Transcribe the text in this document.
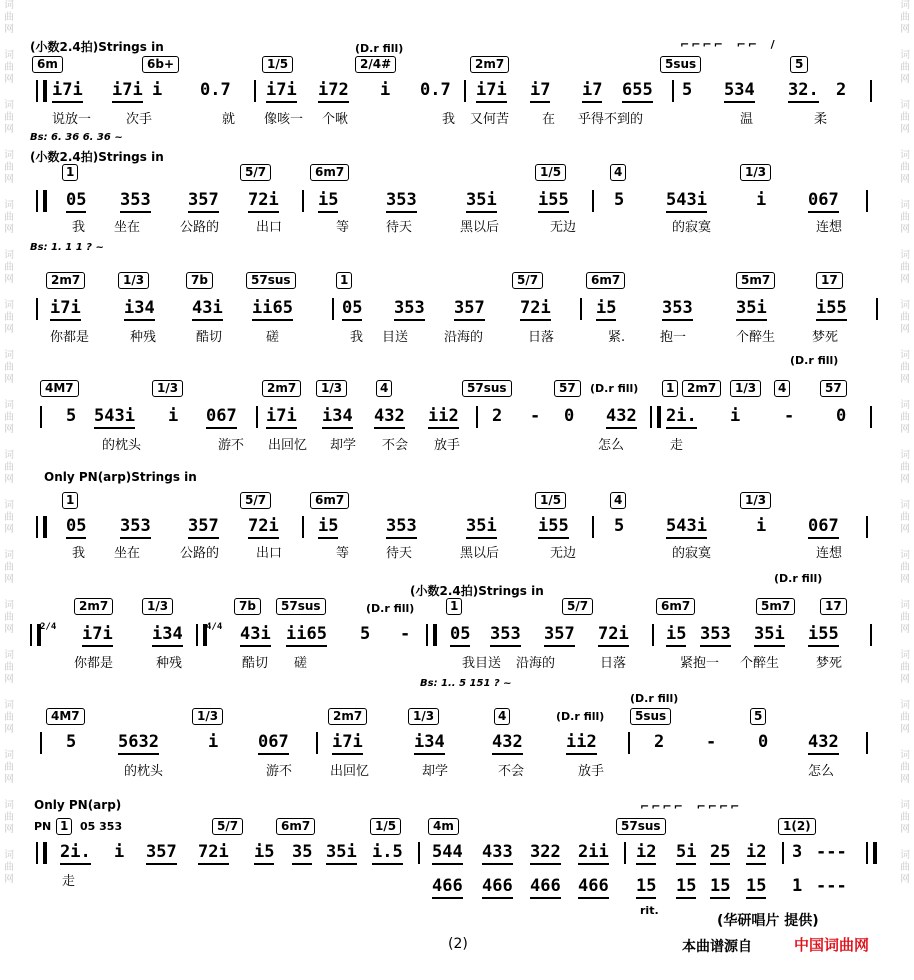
词
曲
网
词
曲
网
词
曲
网
词
曲
网
词
曲
网
词
曲
网
词
曲
网
词
曲
网
词
曲
网
词
曲
网
词
曲
网
词
曲
网
词
曲
网
词
曲
网
词
曲
网
词
曲
网
词
曲
网
词
曲
网
词
曲
网
词
曲
网
词
曲
网
词
曲
网
词
曲
网
词
曲
网
词
曲
网
词
曲
网
词
曲
网
词
曲
网
词
曲
网
词
曲
网
词
曲
网
词
曲
网
词
曲
网
词
曲
网
词
曲
网
词
曲
网
(小数2.4拍)Strings in	(D.r fill)
6m	6b+	1/5	2/4#	2m7	5sus	5
⌐⌐⌐⌐  ⌐⌐  /
i7i i7i i 0.7 i7i i72 i 0.7 i7i i7 i7 655 5 534 32. 2
说放一	次手	就 像咳一 个啾	我 又何苦	在 乎得不到的	温	柔
Bs: 6. 36 6. 36 ~
(小数2.4拍)Strings in
1	5/7	6m7	1/5	4	1/3
05 353 357 72i i5	353	35i i55	5 543i	i 067
我 坐在	公路的	出口	等	待天	黑以后	无边	的寂寞	连想
Bs: 1. 1 1 ? ~
2m7	1/3	7b	57sus	1	5/7	6m7	5m7	17
i7i	i34 43i ii65	05 353 357 72i	i5	353	35i	i55
你都是	种残	酷切	磋	我 目送	沿海的	日落	紧.	抱一	个醉生	梦死
(D.r fill)
4M7	1/3	2m7	1/3	4	57sus	57	1	2m7	1/3	4	57
(D.r fill)
5 543i i 067 i7i i34 432 ii2 2 - 0 432 2i. i	- 0
的枕头	游不 出回忆 却学 不会 放手	怎么	走
Only PN(arp)Strings in
1	5/7	6m7	1/5	4	1/3
05 353 357 72i i5	353	35i i55	5 543i	i 067
我 坐在	公路的	出口	等	待天	黑以后	无边	的寂寞	连想
(小数2.4拍)Strings in
(D.r fill)
2m7	1/3	7b	57sus	1	5/7	6m7	5m7	17
(D.r fill)
2/4 i7i i34	4/4 43i ii65 5 - 05 353 357 72i i5 353 35i i55
你都是	种残	酷切 磋	我目送 沿海的	日落	紧抱一 个醉生	梦死
Bs: 1.. 5 151 ? ~
(D.r fill)
4M7	1/3	2m7	1/3	4	5sus	5
(D.r fill)
5 5632	i 067	i7i	i34	432	ii2	2 - 0 432
的枕头	游不	出回忆	却学	不会	放手	怎么
Only PN(arp)	⌐⌐⌐⌐  ⌐⌐⌐⌐
PN 1	05 353	5/7	6m7	1/5	4m	57sus	1(2)
2i. i 357 72i i5 35 35i i.5 544 433 322 2ii i2 5i 25 i2 3 ---
走	466 466 466 466 15 15 15 15 1 ---
rit.
(华研唱片 提供)
(2)	本曲谱源自	中国词曲网
